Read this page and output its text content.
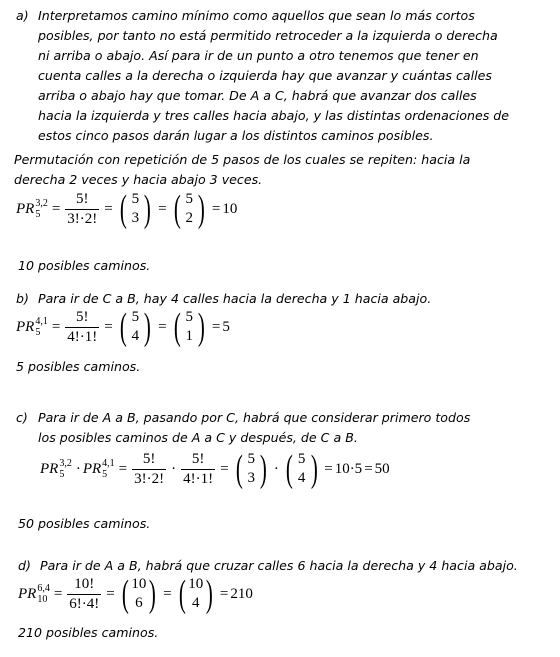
a) Interpretamos camino mínimo como aquellos que sean lo más cortos posibles, por tanto no está permitido retroceder a la izquierda o derecha ni arriba o abajo. Así para ir de un punto a otro tenemos que tener en cuenta calles a la derecha o izquierda hay que avanzar y cuántas calles arriba o abajo hay que tomar. De A a C, habrá que avanzar dos calles hacia la izquierda y tres calles hacia abajo, y las distintas ordenaciones de estos cinco pasos darán lugar a los distintos caminos posibles.
Permutación con repetición de 5 pasos de los cuales se repiten: hacia la derecha 2 veces y hacia abajo 3 veces.
PR 3,2
$5 = \frac{5!}{3!\cdot 2!}$ = ( 5
3 ) = ( 5
2 ) = 10
10 posibles caminos.
b) Para ir de C a B, hay 4 calles hacia la derecha y 1 hacia abajo.
PR 4,1
$5 = \frac{5!}{4!\cdot 1!}$ = ( 5
4 ) = ( 5
1 ) = 5
5 posibles caminos.
c) Para ir de A a B, pasando por C, habrá que considerar primero todos los posibles caminos de A a C y después, de C a B.
PR 3,2
5 · PR 4,1
$5 = \frac{5!}{3!\cdot 2!} \cdot \frac{5!}{4!\cdot 1!}$ = ( 5
3 ) · ( 5
4 ) = 10·5 = 50
50 posibles caminos.
d) Para ir de A a B, habrá que cruzar calles 6 hacia la derecha y 4 hacia abajo.
PR 6,4
$10 = \frac{10!}{6!\cdot 4!}$ = ( 10
6 ) = ( 10
4 ) = 210
210 posibles caminos.
